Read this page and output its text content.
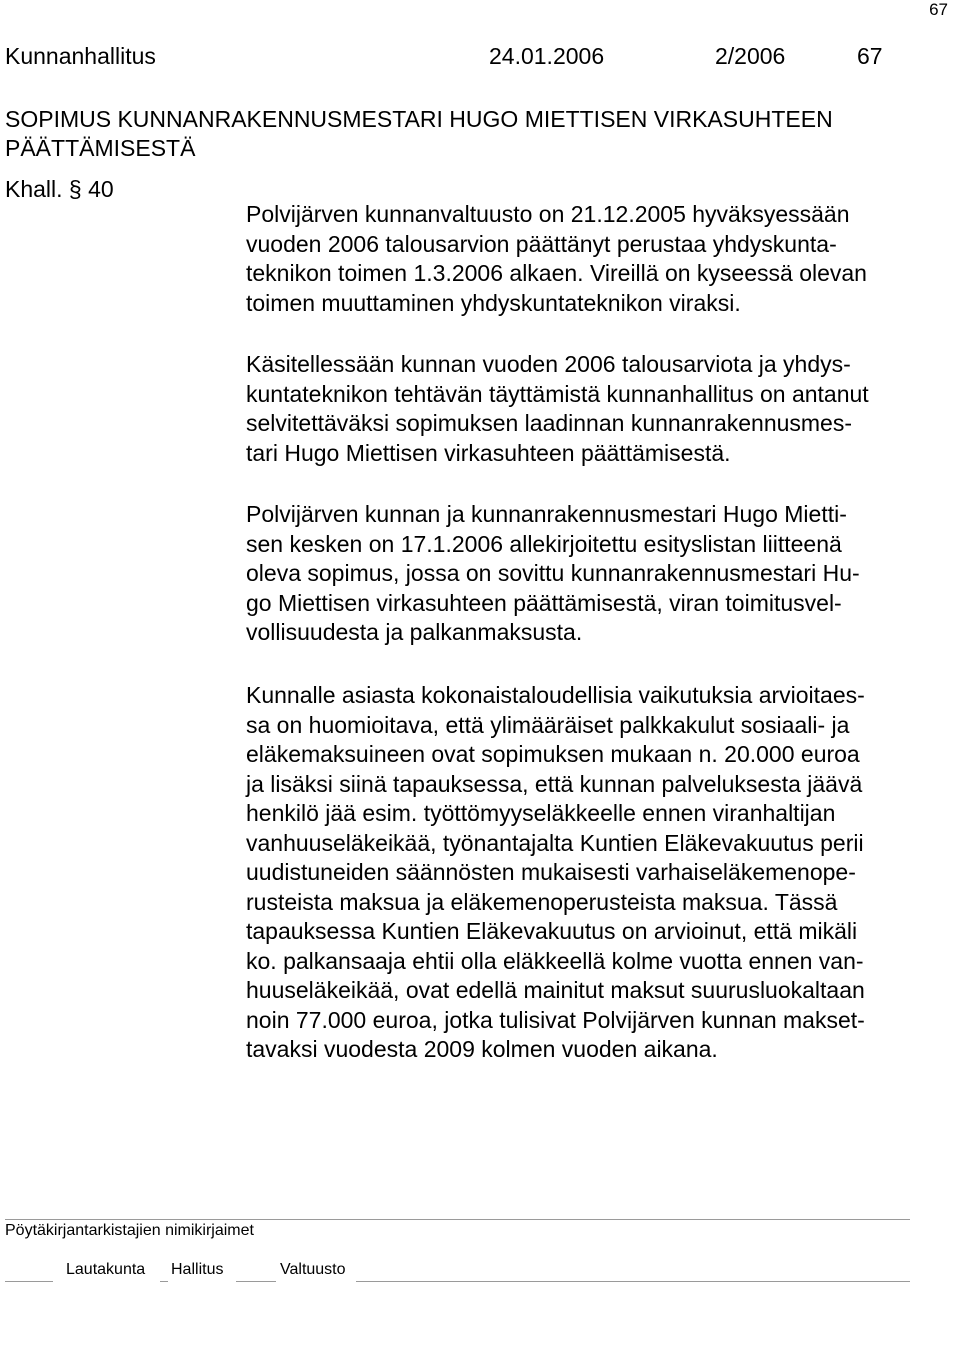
67

Kunnanhallitus

	24.01.2006

	2/2006

	67

SOPIMUS KUNNANRAKENNUSMESTARI HUGO MIETTISEN VIRKASUHTEEN
PÄÄTTÄMISESTÄ
Khall. § 40
Polvijärven kunnanvaltuusto on 21.12.2005 hyväksyessään
vuoden 2006 talousarvion päättänyt perustaa yhdyskunta-
teknikon toimen 1.3.2006 alkaen. Vireillä on kyseessä olevan
toimen muuttaminen yhdyskuntateknikon viraksi.
Käsitellessään kunnan vuoden 2006 talousarviota ja yhdys-
kuntateknikon tehtävän täyttämistä kunnanhallitus on antanut
selvitettäväksi sopimuksen laadinnan kunnanrakennusmes-
tari Hugo Miettisen virkasuhteen päättämisestä.
Polvijärven kunnan ja kunnanrakennusmestari Hugo Mietti-
sen kesken on 17.1.2006 allekirjoitettu esityslistan liitteenä
oleva sopimus, jossa on sovittu kunnanrakennusmestari Hu-
go Miettisen virkasuhteen päättämisestä, viran toimitusvel-
vollisuudesta ja palkanmaksusta.
Kunnalle asiasta kokonaistaloudellisia vaikutuksia arvioitaes-
sa on huomioitava, että ylimääräiset palkkakulut sosiaali- ja
eläkemaksuineen ovat sopimuksen mukaan n. 20.000 euroa
ja lisäksi siinä tapauksessa, että kunnan palveluksesta jäävä
henkilö jää esim. työttömyyseläkkeelle ennen viranhaltijan
vanhuuseläkeikää, työnantajalta Kuntien Eläkevakuutus perii
uudistuneiden säännösten mukaisesti varhaiseläkemenope-
rusteista maksua ja eläkemenoperusteista maksua. Tässä
tapauksessa Kuntien Eläkevakuutus on arvioinut, että mikäli
ko. palkansaaja ehtii olla eläkkeellä kolme vuotta ennen van-
huuseläkeikää, ovat edellä mainitut maksut suurusluokaltaan
noin 77.000 euroa, jotka tulisivat Polvijärven kunnan makset-
tavaksi vuodesta 2009 kolmen vuoden aikana.
Pöytäkirjantarkistajien nimikirjaimet
Lautakunta Hallitus	Valtuusto
